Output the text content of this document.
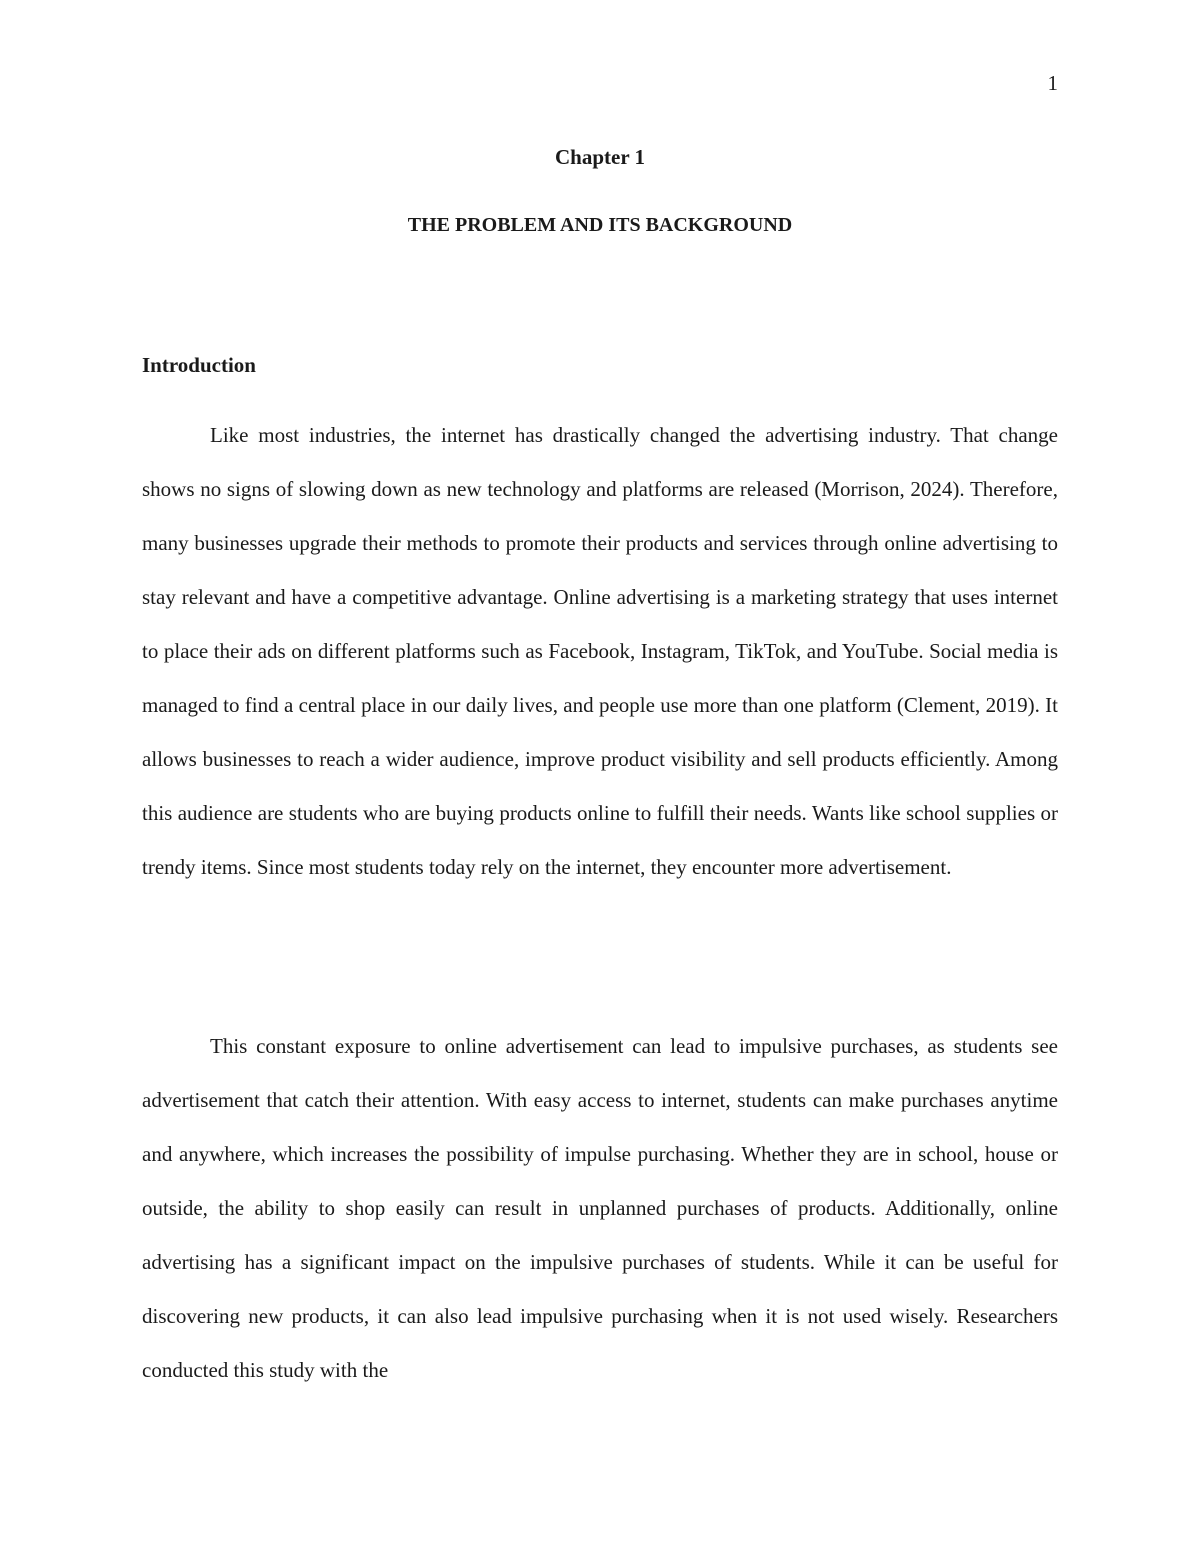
1
Chapter 1
THE PROBLEM AND ITS BACKGROUND
Introduction

Like most industries, the internet has drastically changed the advertising industry. That change shows no signs of slowing down as new technology and platforms are released (Morrison, 2024). Therefore, many businesses upgrade their methods to promote their products and services through online advertising to stay relevant and have a competitive advantage. Online advertising is a marketing strategy that uses internet to place their ads on different platforms such as Facebook, Instagram, TikTok, and YouTube. Social media is managed to find a central place in our daily lives, and people use more than one platform (Clement, 2019). It allows businesses to reach a wider audience, improve product visibility and sell products efficiently. Among this audience are students who are buying products online to fulfill their needs. Wants like school supplies or trendy items. Since most students today rely on the internet, they encounter more advertisement.

This constant exposure to online advertisement can lead to impulsive purchases, as students see advertisement that catch their attention. With easy access to internet, students can make purchases anytime and anywhere, which increases the possibility of impulse purchasing. Whether they are in school, house or outside, the ability to shop easily can result in unplanned purchases of products. Additionally, online advertising has a significant impact on the impulsive purchases of students. While it can be useful for discovering new products, it can also lead impulsive purchasing when it is not used wisely. Researchers conducted this study with the
